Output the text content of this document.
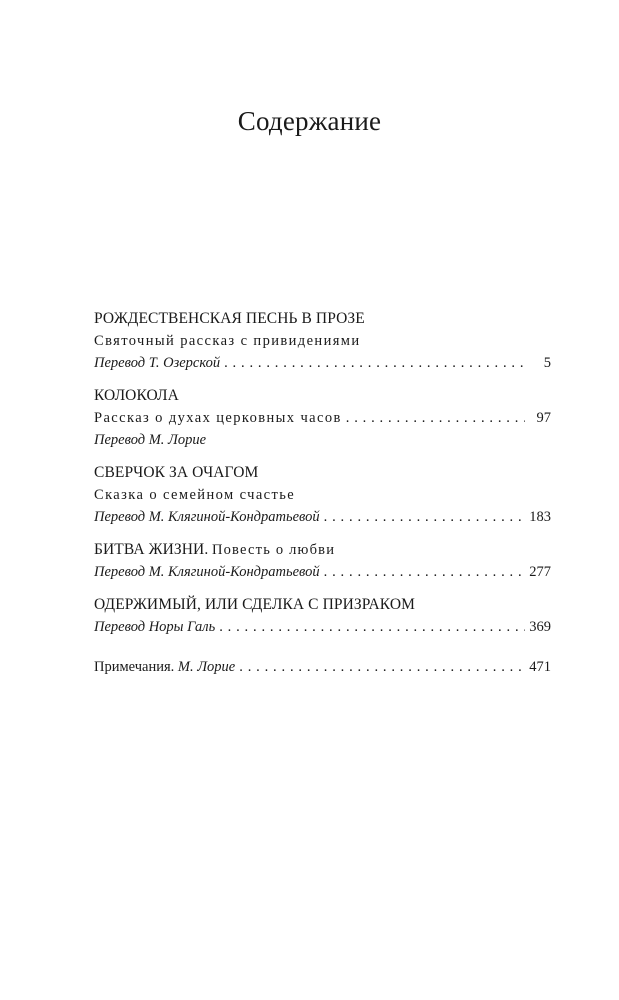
Содержание
РОЖДЕСТВЕНСКАЯ ПЕСНЬ В ПРОЗЕ
Святочный рассказ с привидениями
Перевод Т. Озерской . . .	5
КОЛОКОЛА
Рассказ о духах церковных часов . . .	97
Перевод М. Лорие
СВЕРЧОК ЗА ОЧАГОМ
Сказка о семейном счастье
Перевод М. Клягиной-Кондратьевой . . .	183
БИТВА ЖИЗНИ. Повесть о любви
Перевод М. Клягиной-Кондратьевой . . .	277
ОДЕРЖИМЫЙ, ИЛИ СДЕЛКА С ПРИЗРАКОМ
Перевод Норы Галь . . .	369
Примечания. М. Лорие . . .	471
